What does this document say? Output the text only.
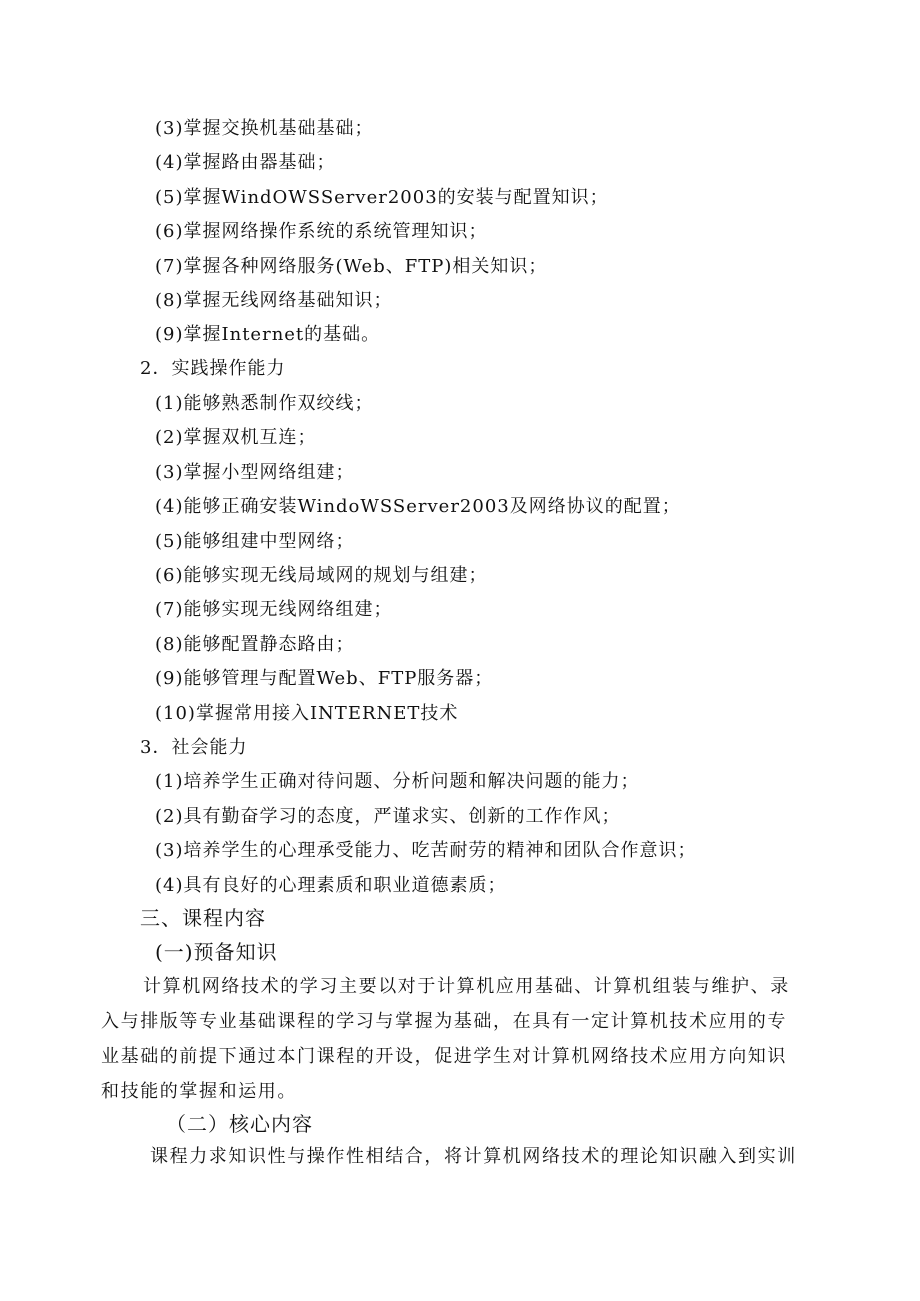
(3)掌握交换机基础基础；
(4)掌握路由器基础；
(5)掌握WindOWSServer2003的安装与配置知识；
(6)掌握网络操作系统的系统管理知识；
(7)掌握各种网络服务(Web、FTP)相关知识；
(8)掌握无线网络基础知识；
(9)掌握Internet的基础。
2．实践操作能力
(1)能够熟悉制作双绞线；
(2)掌握双机互连；
(3)掌握小型网络组建；
(4)能够正确安装WindoWSServer2003及网络协议的配置；
(5)能够组建中型网络；
(6)能够实现无线局域网的规划与组建；
(7)能够实现无线网络组建；
(8)能够配置静态路由；
(9)能够管理与配置Web、FTP服务器；
(10)掌握常用接入INTERNET技术
3．社会能力
(1)培养学生正确对待问题、分析问题和解决问题的能力；
(2)具有勤奋学习的态度，严谨求实、创新的工作作风；
(3)培养学生的心理承受能力、吃苦耐劳的精神和团队合作意识；
(4)具有良好的心理素质和职业道德素质；
三、课程内容
(一)预备知识
计算机网络技术的学习主要以对于计算机应用基础、计算机组装与维护、录
入与排版等专业基础课程的学习与掌握为基础，在具有一定计算机技术应用的专
业基础的前提下通过本门课程的开设，促进学生对计算机网络技术应用方向知识
和技能的掌握和运用。
（二）核心内容
课程力求知识性与操作性相结合，将计算机网络技术的理论知识融入到实训
